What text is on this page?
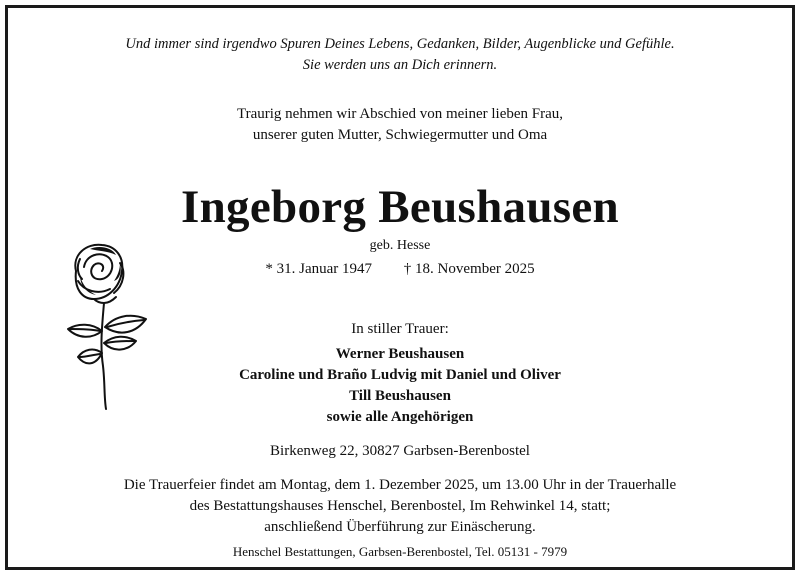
Und immer sind irgendwo Spuren Deines Lebens, Gedanken, Bilder, Augenblicke und Gefühle.
Sie werden uns an Dich erinnern.
Traurig nehmen wir Abschied von meiner lieben Frau,
unserer guten Mutter, Schwiegermutter und Oma
Ingeborg Beushausen
geb. Hesse
* 31. Januar 1947 † 18. November 2025
In stiller Trauer:
Werner Beushausen
Caroline und Braño Ludvig mit Daniel und Oliver
Till Beushausen
sowie alle Angehörigen
Birkenweg 22, 30827 Garbsen-Berenbostel
Die Trauerfeier findet am Montag, dem 1. Dezember 2025, um 13.00 Uhr in der Trauerhalle
des Bestattungshauses Henschel, Berenbostel, Im Rehwinkel 14, statt;
anschließend Überführung zur Einäscherung.
Henschel Bestattungen, Garbsen-Berenbostel, Tel. 05131 - 7979
